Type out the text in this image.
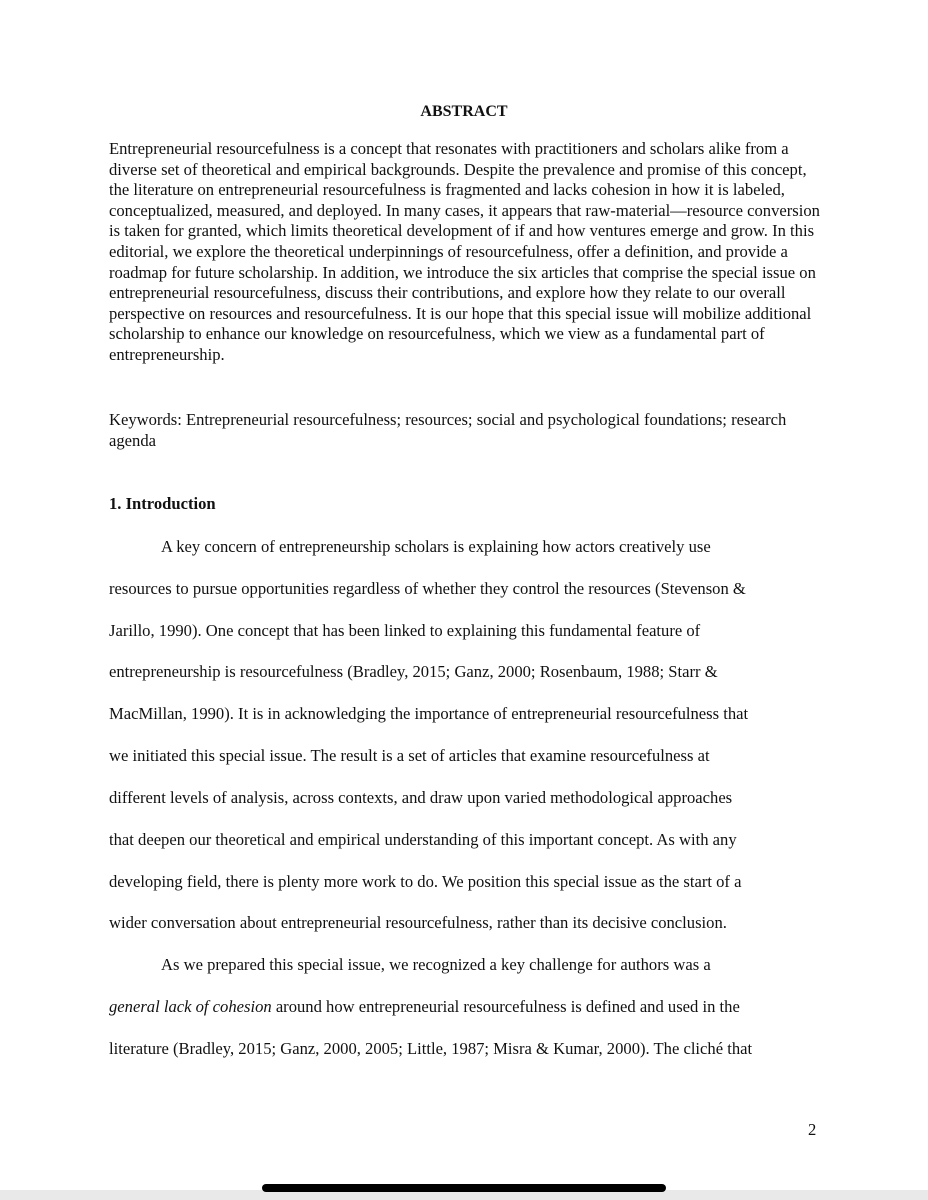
ABSTRACT
Entrepreneurial resourcefulness is a concept that resonates with practitioners and scholars alike from a diverse set of theoretical and empirical backgrounds. Despite the prevalence and promise of this concept, the literature on entrepreneurial resourcefulness is fragmented and lacks cohesion in how it is labeled, conceptualized, measured, and deployed. In many cases, it appears that raw-material—resource conversion is taken for granted, which limits theoretical development of if and how ventures emerge and grow. In this editorial, we explore the theoretical underpinnings of resourcefulness, offer a definition, and provide a roadmap for future scholarship. In addition, we introduce the six articles that comprise the special issue on entrepreneurial resourcefulness, discuss their contributions, and explore how they relate to our overall perspective on resources and resourcefulness. It is our hope that this special issue will mobilize additional scholarship to enhance our knowledge on resourcefulness, which we view as a fundamental part of entrepreneurship.
Keywords: Entrepreneurial resourcefulness; resources; social and psychological foundations; research agenda
1. Introduction
A key concern of entrepreneurship scholars is explaining how actors creatively use
resources to pursue opportunities regardless of whether they control the resources (Stevenson &
Jarillo, 1990). One concept that has been linked to explaining this fundamental feature of
entrepreneurship is resourcefulness (Bradley, 2015; Ganz, 2000; Rosenbaum, 1988; Starr &
MacMillan, 1990). It is in acknowledging the importance of entrepreneurial resourcefulness that
we initiated this special issue. The result is a set of articles that examine resourcefulness at
different levels of analysis, across contexts, and draw upon varied methodological approaches
that deepen our theoretical and empirical understanding of this important concept. As with any
developing field, there is plenty more work to do. We position this special issue as the start of a
wider conversation about entrepreneurial resourcefulness, rather than its decisive conclusion.
As we prepared this special issue, we recognized a key challenge for authors was a
general lack of cohesion around how entrepreneurial resourcefulness is defined and used in the
literature (Bradley, 2015; Ganz, 2000, 2005; Little, 1987; Misra & Kumar, 2000). The cliché that
2
